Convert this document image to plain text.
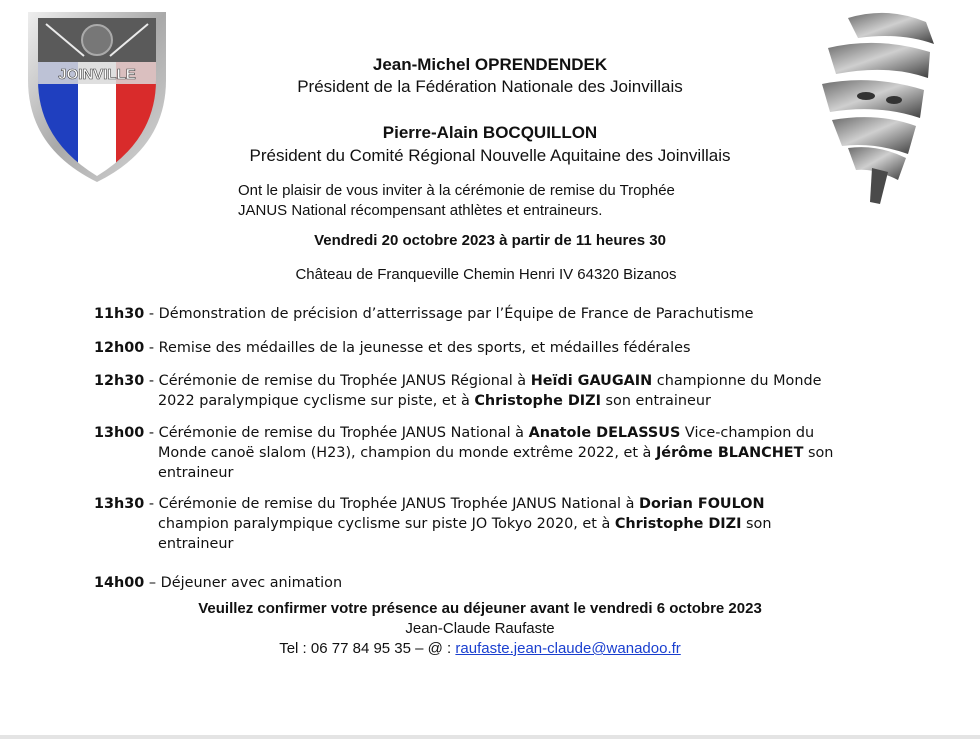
JOINVILLE

Jean-Michel OPRENDENDEK

Président de la Fédération Nationale des Joinvillais

Pierre-Alain BOCQUILLON

Président du Comité Régional Nouvelle Aquitaine des Joinvillais

Ont le plaisir de vous inviter à la cérémonie de remise du Trophée
JANUS National récompensant athlètes et entraineurs.

Vendredi 20 octobre 2023 à partir de 11 heures 30

Château de Franqueville Chemin Henri IV 64320 Bizanos

11h30 - Démonstration de précision d’atterrissage par l’Équipe de France de Parachutisme

12h00 - Remise des médailles de la jeunesse et des sports, et médailles fédérales

12h30 - Cérémonie de remise du Trophée JANUS Régional à Heïdi GAUGAIN championne du Monde

2022 paralympique cyclisme sur piste, et à Christophe DIZI son entraineur

13h00 - Cérémonie de remise du Trophée JANUS National à Anatole DELASSUS Vice-champion du

Monde canoë slalom (H23), champion du monde extrême 2022, et à Jérôme BLANCHET son
entraineur

13h30 - Cérémonie de remise du Trophée JANUS Trophée JANUS National à Dorian FOULON

champion paralympique cyclisme sur piste JO Tokyo 2020, et à Christophe DIZI son
entraineur

14h00 – Déjeuner avec animation

Veuillez confirmer votre présence au déjeuner avant le vendredi 6 octobre 2023

Jean-Claude Raufaste

Tel : 06 77 84 95 35 – @ : raufaste.jean-claude@wanadoo.fr
